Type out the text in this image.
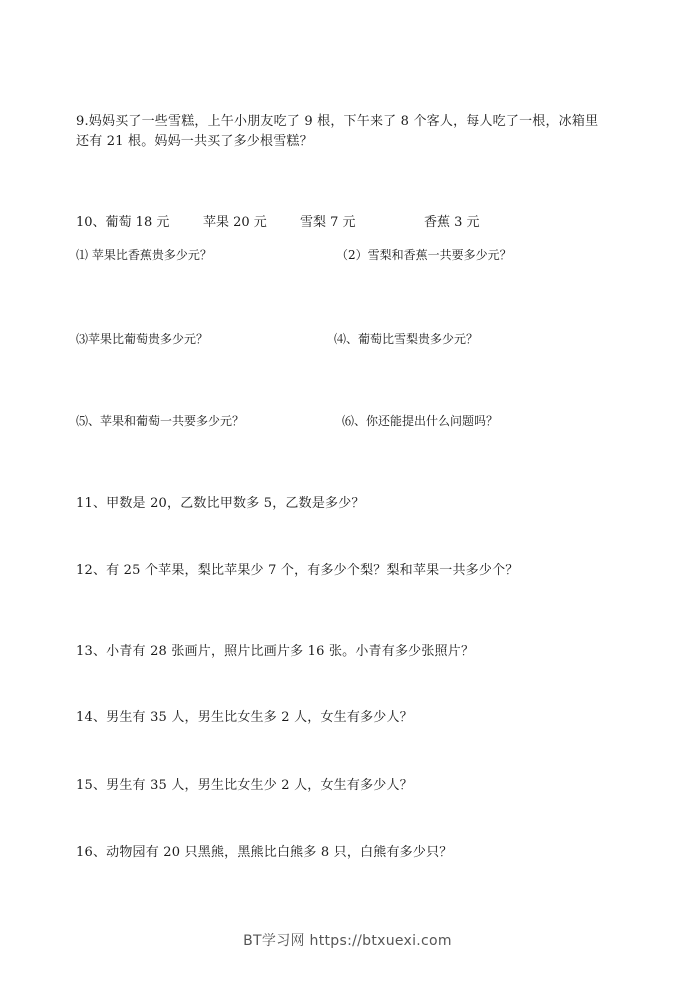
9.妈妈买了一些雪糕，上午小朋友吃了 9 根，下午来了 8 个客人，每人吃了一根，冰箱里
还有 21 根。妈妈一共买了多少根雪糕？
10、葡萄 18 元	苹果 20 元	雪梨 7 元	香蕉 3 元
⑴ 苹果比香蕉贵多少元？	（2）雪梨和香蕉一共要多少元？
⑶苹果比葡萄贵多少元？	⑷、葡萄比雪梨贵多少元？
⑸、苹果和葡萄一共要多少元？	⑹、你还能提出什么问题吗？
11、甲数是 20，乙数比甲数多 5，乙数是多少？
12、有 25 个苹果，梨比苹果少 7 个，有多少个梨？梨和苹果一共多少个？
13、小青有 28 张画片，照片比画片多 16 张。小青有多少张照片？
14、男生有 35 人，男生比女生多 2 人，女生有多少人？
15、男生有 35 人，男生比女生少 2 人，女生有多少人？
16、动物园有 20 只黑熊，黑熊比白熊多 8 只，白熊有多少只？
BT学习网 https://btxuexi.com
